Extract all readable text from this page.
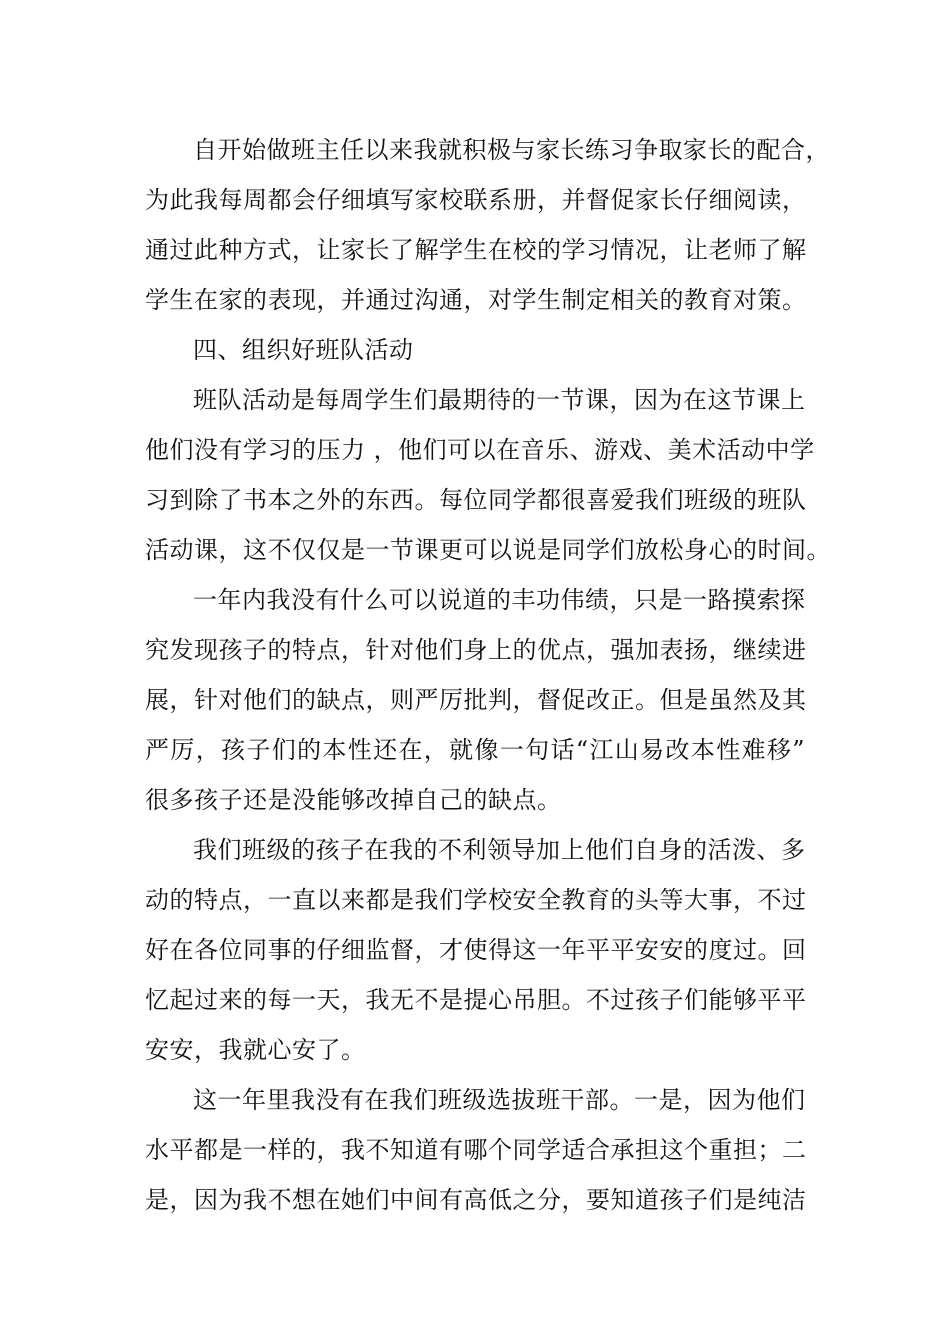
自开始做班主任以来我就积极与家长练习争取家长的配合，
为此我每周都会仔细填写家校联系册，并督促家长仔细阅读，
通过此种方式，让家长了解学生在校的学习情况，让老师了解
学生在家的表现，并通过沟通，对学生制定相关的教育对策。
四、组织好班队活动
班队活动是每周学生们最期待的一节课，因为在这节课上
他们没有学习的压力 ，他们可以在音乐、游戏、美术活动中学
习到除了书本之外的东西。每位同学都很喜爱我们班级的班队
活动课，这不仅仅是一节课更可以说是同学们放松身心的时间。
一年内我没有什么可以说道的丰功伟绩，只是一路摸索探
究发现孩子的特点，针对他们身上的优点，强加表扬，继续进
展，针对他们的缺点，则严厉批判，督促改正。但是虽然及其
严厉，孩子们的本性还在，就像一句话“江山易改本性难移”
很多孩子还是没能够改掉自己的缺点。
我们班级的孩子在我的不利领导加上他们自身的活泼、多
动的特点，一直以来都是我们学校安全教育的头等大事，不过
好在各位同事的仔细监督，才使得这一年平平安安的度过。回
忆起过来的每一天，我无不是提心吊胆。不过孩子们能够平平
安安，我就心安了。
这一年里我没有在我们班级选拔班干部。一是，因为他们
水平都是一样的，我不知道有哪个同学适合承担这个重担；二
是，因为我不想在她们中间有高低之分，要知道孩子们是纯洁
